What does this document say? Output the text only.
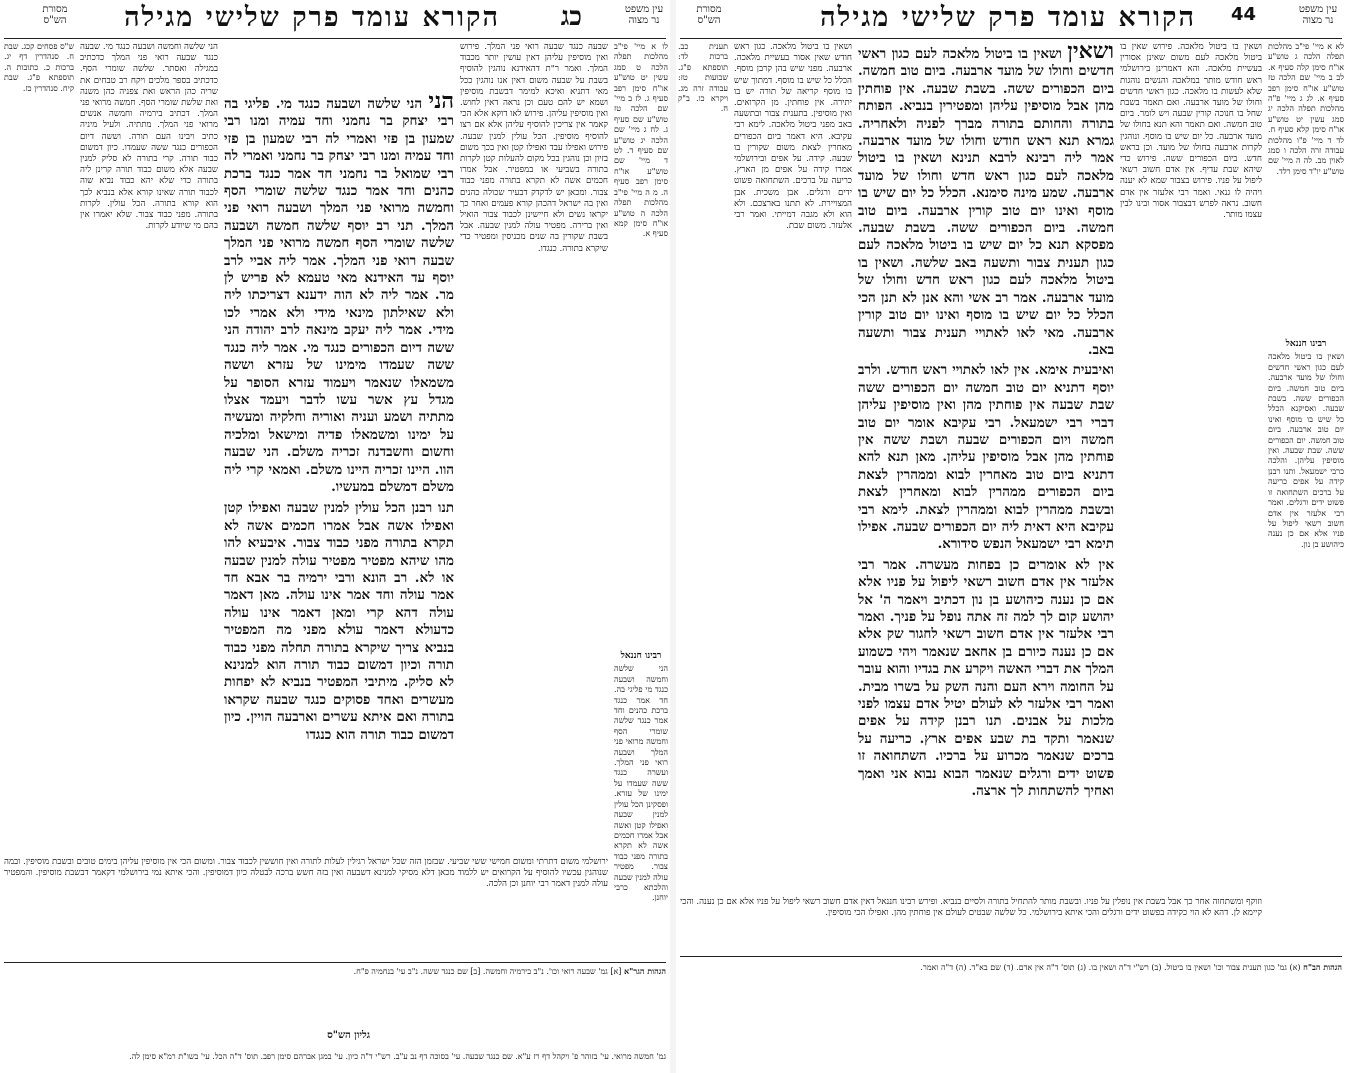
עין משפט
נר מצוה
כג
הקורא עומד פרק שלישי מגילה
מסורת
הש"ס

לו א מיי' פי"ב מהלכות תפלה הלכה ט סמג עשין יט טוש"ע או"ח סימן רפב סעיף ג. לז ב מיי' שם הלכה טז טוש"ע שם סעיף ג. לח ג מיי' שם הלכה יג טוש"ע שם סעיף ד. לט ד מיי' שם טוש"ע או"ח סימן רפב סעיף ה. מ ה מיי' פי"ב מהלכות תפלה הלכה ה טוש"ע או"ח סימן קמא סעיף א.

רבינו חננאל

הני שלשה וחמשה ושבעה כנגד מי פליגי בה. חד אמר כנגד ברכת כהנים וחד אמר כנגד שלשה שומרי הסף וחמשה מרואי פני המלך ושבעה רואי פני המלך. ועשרה כנגד ששה שעמדו על ימינו של עזרא. ופסקינן הכל עולין למנין שבעה ואפילו קטן ואשה אבל אמרו חכמים אשה לא תקרא בתורה מפני כבוד צבור. מפטיר עולה למנין שבעה והלכתא כרבי יוחנן.

שבעה כנגד שבעה רואי פני המלך. פירוש ואין מוסיפין עליהן דאין עושין יותר מכבוד המלך. ואמר ר"ת דהאידנא נוהגין להוסיף בשבת על שבעה משום דאין אנו נוהגין ככל מאי דתניא ואיכא למימר דבשבת מוסיפין ושמא יש להם טעם וכן נראה דאין לחוש. ואין מוסיפין עליהן. פירוש לאו דוקא אלא הכי קאמר אין צריכין להוסיף עליהן אלא אם רצו להוסיף מוסיפין. הכל עולין למנין שבעה. פירוש ואפילו עבד ואפילו קטן ואין בכך משום בזיון וכן נוהגין בכל מקום להעלות קטן לקרות בתורה בשביעי או במפטיר. אבל אמרו חכמים אשה לא תקרא בתורה מפני כבוד צבור. ומכאן יש לדקדק דבעיר שכולה כהנים ואין בה ישראל דהכהן קורא פעמים ואחר כך יקראו נשים ולא חיישינן לכבוד צבור הואיל ואין ברירה. מפטיר עולה למנין שבעה. אבל בשבת שקורין בה שנים מכניסין ומפטיר כדי שיקרא בתורה. כנגדו.

הני הני שלשה ושבעה כנגד מי. פליגי בה רבי יצחק בר נחמני וחד עמיה ומנו רבי שמעון בן פזי ואמרי לה רבי שמעון בן פזי וחד עמיה ומנו רבי יצחק בר נחמני ואמרי לה רבי שמואל בר נחמני חד אמר כנגד ברכת כהנים וחד אמר כנגד שלשה שומרי הסף וחמשה מרואי פני המלך ושבעה רואי פני המלך. תני רב יוסף שלשה חמשה ושבעה שלשה שומרי הסף חמשה מרואי פני המלך שבעה רואי פני המלך. אמר ליה אביי לרב יוסף עד האידנא מאי טעמא לא פריש לן מר. אמר ליה לא הוה ידענא דצריכתו ליה ולא שאילתון מינאי מידי ולא אמרי לכו מידי. אמר ליה יעקב מינאה לרב יהודה הני ששה דיום הכפורים כנגד מי. אמר ליה כנגד ששה שעמדו מימינו של עזרא וששה משמאלו שנאמר ויעמוד עזרא הסופר על מגדל עץ אשר עשו לדבר ויעמד אצלו מתתיה ושמע ועניה ואוריה וחלקיה ומעשיה על ימינו ומשמאלו פדיה ומישאל ומלכיה וחשום וחשבדנה זכריה משלם. הני שבעה הוו. היינו זכריה היינו משלם. ואמאי קרי ליה משלם דמשלם במעשיו.

תנו רבנן הכל עולין למנין שבעה ואפילו קטן ואפילו אשה אבל אמרו חכמים אשה לא תקרא בתורה מפני כבוד צבור. איבעיא להו מהו שיהא מפטיר מפטיר עולה למנין שבעה או לא. רב הונא ורבי ירמיה בר אבא חד אמר עולה וחד אמר אינו עולה. מאן דאמר עולה דהא קרי ומאן דאמר אינו עולה כדעולא דאמר עולא מפני מה המפטיר בנביא צריך שיקרא בתורה תחלה מפני כבוד תורה וכיון דמשום כבוד תורה הוא למנינא לא סליק. מיתיבי המפטיר בנביא לא יפחות מעשרים ואחד פסוקים כנגד שבעה שקראו בתורה ואם איתא עשרים וארבעה הויין. כיון דמשום כבוד תורה הוא כנגדו

הני שלשה וחמשה ושבעה כנגד מי. שבעה כנגד שבעה רואי פני המלך כדכתיב במגילה ואסתר. שלשה שומרי הסף. כדכתיב בספר מלכים ויקח רב טבחים את שריה כהן הראש ואת צפניה כהן משנה ואת שלשת שומרי הסף. חמשה מרואי פני המלך. דכתיב בירמיה וחמשה אנשים מרואי פני המלך. מתתיה. ולעיל מיניה כתיב ויבינו העם תורה. וששה דיום הכפורים כנגד ששה שעמדו. כיון דמשום כבוד תורה. קרי בתורה לא סליק למנין שבעה אלא משום כבוד תורה קרינן ליה בתורה כדי שלא יהא כבוד נביא שוה לכבוד תורה שאינו קורא אלא בנביא לכך הוא קורא בתורה. הכל עולין. לקרות בתורה. מפני כבוד צבור. שלא יאמרו אין בהם מי שיודע לקרות.

ש"ס פסחים קכג. שבת ח. סנהדרין דף יג. ברכות כ. כתובות ה. תוספתא פ"ג. שבת קיח. סנהדרין כז.

ירושלמי משום דתרתי ומשום חמישי ששי שביעי. שבזמן הזה שכל ישראל רגילין לעלות לתורה ואין חוששין לכבוד צבור. ומשום הכי אין מוסיפין עליהן בימים טובים ובשבת מוסיפין. ובמה שנוהגין עכשיו להוסיף על הקרואים יש ללמוד מכאן דלא מסיקי למנינא דשבעה ואין בזה חשש ברכה לבטלה כיון דמוסיפין. והכי איתא נמי בירושלמי דקאמר דבשבת מוסיפין. והמפטיר עולה למנין דאמר רבי יוחנן וכן הלכה.

הגהות הגר"א [א] גמ' שבעה רואי וכו'. נ"ב בירמיה וחמשה. [ב] שם כנגד ששה. נ"ב עי' בנחמיה פ"ח.
גליון הש"ס

גמ' חמשה מרואי. עי' בזוהר פ' ויקהל דף רז ע"א. שם כנגד שבעה. עי' בסוכה דף נב ע"ב. רש"י ד"ה כיון. עי' במגן אברהם סימן רפב. תוס' ד"ה הכל. עי' בשו"ת רמ"א סימן לה.

עין משפט
נר מצוה
44
הקורא עומד פרק שלישי מגילה
מסורת
הש"ס

לא א מיי' פי"ב מהלכות תפלה הלכה ג טוש"ע או"ח סימן קלה סעיף א. לב ב מיי' שם הלכה טז טוש"ע או"ח סימן רפב סעיף א. לג ג מיי' פ"ה מהלכות תפלה הלכה יג סמג עשין יט טוש"ע או"ח סימן קלא סעיף ח. לד ד מיי' פ"ו מהלכות עבודה זרה הלכה ו סמג לאוין מב. לה ה מיי' שם טוש"ע יו"ד סימן רלד.

רבינו חננאל

ושאין בו ביטול מלאכה לעם כגון ראשי חדשים וחולו של מועד ארבעה. ביום טוב חמשה. ביום הכפורים ששה. בשבת שבעה. ואסיקנא הכלל כל שיש בו מוסף ואינו יום טוב ארבעה. ביום טוב חמשה. יום הכפורים ששה. שבת שבעה. ואין מוסיפין עליהן. והלכה כרבי ישמעאל. ותנו רבנן קידה על אפים כריעה על ברכים השתחואה זו פשוט ידים ורגלים. ואמר רבי אלעזר אין אדם חשוב רשאי ליפול על פניו אלא אם כן נענה כיהושע בן נון.

ושאין בו ביטול מלאכה. פירוש שאין בו ביטול מלאכה לעם משום שאינן אסורין בעשיית מלאכה. והא דאמרינן בירושלמי ראש חודש מותר במלאכה והנשים נוהגות שלא לעשות בו מלאכה. כגון ראשי חדשים וחולו של מועד ארבעה. ואם תאמר בשבת שחל בו חנוכה קורין שבעה ויש לומר. ביום טוב חמשה. ואם תאמר והא תנא בחולו של מועד ארבעה. כל יום שיש בו מוסף. ונוהגין לקרות ארבעה בחולו של מועד. וכן בראש חדש. ביום הכפורים ששה. פירוש כדי שיהא שבת עדיף. אין אדם חשוב רשאי ליפול על פניו. פירוש בצבור שמא לא יענה ויהיה לו גנאי. ואמר רבי אלעזר אין אדם חשוב. נראה לפרש דבצבור אסור ובינו לבין עצמו מותר.

ושאין ושאין בו ביטול מלאכה לעם כגון ראשי חדשים וחולו של מועד ארבעה. ביום טוב חמשה. ביום הכפורים ששה. בשבת שבעה. אין פוחתין מהן אבל מוסיפין עליהן ומפטירין בנביא. הפותח בתורה והחותם בתורה מברך לפניה ולאחריה. גמרא תנא ראש חודש וחולו של מועד ארבעה. אמר ליה רבינא לרבא תנינא ושאין בו ביטול מלאכה לעם כגון ראש חדש וחולו של מועד ארבעה. שמע מינה סימנא. הכלל כל יום שיש בו מוסף ואינו יום טוב קורין ארבעה. ביום טוב חמשה. ביום הכפורים ששה. בשבת שבעה. מפסקא תנא כל יום שיש בו ביטול מלאכה לעם כגון תענית צבור ותשעה באב שלשה. ושאין בו ביטול מלאכה לעם כגון ראש חדש וחולו של מועד ארבעה. אמר רב אשי והא אנן לא תנן הכי הכלל כל יום שיש בו מוסף ואינו יום טוב קורין ארבעה. מאי לאו לאתויי תענית צבור ותשעה באב.

ואיבעית אימא. אין לאו לאתויי ראש חודש. ולרב יוסף דתניא יום טוב חמשה יום הכפורים ששה שבת שבעה אין פוחתין מהן ואין מוסיפין עליהן דברי רבי ישמעאל. רבי עקיבא אומר יום טוב חמשה ויום הכפורים שבעה ושבת ששה אין פוחתין מהן אבל מוסיפין עליהן. מאן תנא להא דתניא ביום טוב מאחרין לבוא וממהרין לצאת ביום הכפורים ממהרין לבוא ומאחרין לצאת ובשבת ממהרין לבוא וממהרין לצאת. לימא רבי עקיבא היא דאית ליה יום הכפורים שבעה. אפילו תימא רבי ישמעאל הנפש סידורא.

אין לא אומרים כן בפחות מעשרה. אמר רבי אלעזר אין אדם חשוב רשאי ליפול על פניו אלא אם כן נענה כיהושע בן נון דכתיב ויאמר ה' אל יהושע קום לך למה זה אתה נופל על פניך. ואמר רבי אלעזר אין אדם חשוב רשאי לחגור שק אלא אם כן נענה כיורם בן אחאב שנאמר ויהי כשמוע המלך את דברי האשה ויקרע את בגדיו והוא עובר על החומה וירא העם והנה השק על בשרו מבית. ואמר רבי אלעזר לא לעולם יטיל אדם עצמו לפני מלכות על אבנים. תנו רבנן קידה על אפים שנאמר ותקד בת שבע אפים ארץ. כריעה על ברכים שנאמר מכרוע על ברכיו. השתחואה זו פשוט ידים ורגלים שנאמר הבוא נבוא אני ואמך ואחיך להשתחות לך ארצה.

ושאין בו ביטול מלאכה. כגון ראש חודש שאין אסור בעשיית מלאכה. ארבעה. מפני שיש בהן קרבן מוסף. הכלל כל שיש בו מוסף. דמתוך שיש בו מוסף קריאה של תורה יש בו יתירה. אין פוחתין. מן הקרואים. ואין מוסיפין. בתענית צבור ובתשעה באב מפני ביטול מלאכה. לימא רבי עקיבא. היא דאמר ביום הכפורים מאחרין לצאת משום שקורין בו שבעה. קידה. על אפים ובירושלמי אמרו קידה על אפים מן הארץ. כריעה על ברכים. השתחואה פשוט ידים ורגלים. אבן משכית. אבן המצויירת. לא תתנו בארצכם. ולא הוא ולא מגבה דמייתי. ואמר רבי אלעזר. משום שבת.

תענית כב. ברכות לד: תוספתא פ"ג. שבועות טז: עבודה זרה מג. ויקרא כו. ב"ק ח.

וזוקף ומשתחוה אחר כך אבל בשבת אין נופלין על פניו. ובשבת מותר להתחיל בתורה ולסיים בנביא. ופירש רבינו חננאל דאין אדם חשוב רשאי ליפול על פניו אלא אם כן נענה. והכי קיימא לן. דהא לא הוי כקידה בפשוט ידים ורגלים והכי איתא בירושלמי. כל שלשה שבטים לעולם אין פוחתין מהן. ואפילו הכי מוסיפין.

הגהות הב"ח (א) גמ' כגון תענית צבור וכו' ושאין בו ביטול. (ב) רש"י ד"ה ושאין בו. (ג) תוס' ד"ה אין אדם. (ד) שם בא"ד. (ה) ד"ה ואמר.
